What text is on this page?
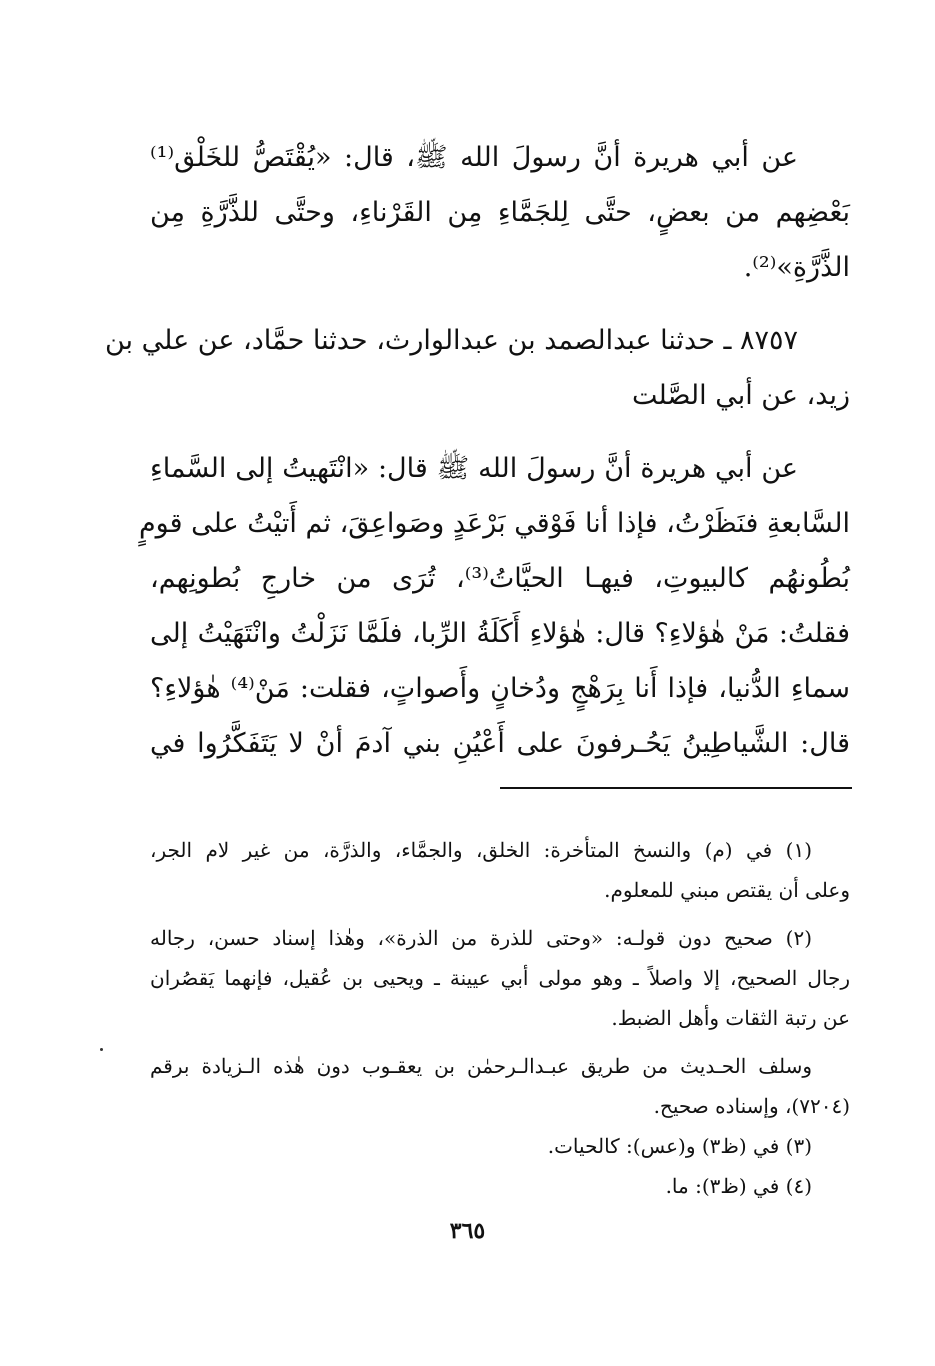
عن أبي هريرة أنَّ رسولَ الله ﷺ، قال: «يُقْتَصُّ للخَلْق⁽¹⁾
بَعْضِهم من بعضٍ، حتَّى لِلجَمَّاءِ مِن القَرْناءِ، وحتَّى للذَّرَّةِ مِن
الذَّرَّةِ»⁽²⁾.
٨٧٥٧ ـ حدثنا عبدالصمد بن عبدالوارث، حدثنا حمَّاد، عن علي بن
زيد، عن أبي الصَّلت
عن أبي هريرة أنَّ رسولَ الله ﷺ قال: «انْتَهيتُ إلى السَّماءِ
السَّابعةِ فنَظَرْتُ، فإذا أنا فَوْقي بَرْعَدٍ وصَواعِقَ، ثم أَتيْتُ على قومٍ
بُطُونهُم كالبيوتِ، فيهـا الحيَّاتُ⁽³⁾، تُرَى من خارجِ بُطونِهم،
فقلتُ: مَنْ هٰؤلاءِ؟ قال: هٰؤلاءِ أَكَلَةُ الرِّبا، فلَمَّا نَزَلْتُ وانْتَهَيْتُ إلى
سماءِ الدُّنيا، فإذا أَنا بِرَهْجٍ ودُخانٍ وأَصواتٍ، فقلت: مَنْ⁽⁴⁾ هٰؤلاءِ؟
قال: الشَّياطِينُ يَحُـرفونَ على أَعْيُنِ بني آدمَ أنْ لا يَتَفَكَّرُوا في
(١) في (م) والنسخ المتأخرة: الخلق، والجمَّاء، والذرَّة، من غير لام الجر،
وعلى أن يقتص مبني للمعلوم.
(٢) صحيح دون قولـه: «وحتى للذرة من الذرة»، وهٰذا إسناد حسن، رجاله
رجال الصحيح، إلا واصلاً ـ وهو مولى أبي عيينة ـ ويحيى بن عُقيل، فإنهما يَقصُران
عن رتبة الثقات وأهل الضبط.
وسلف الحـديث من طريق عبـدالـرحمٰن بن يعقـوب دون هٰذه الـزيادة برقم
(٧٢٠٤)، وإسناده صحيح.
(٣) في (ظ٣) و(عس): كالحيات.
(٤) في (ظ٣): ما.
٣٦٥
